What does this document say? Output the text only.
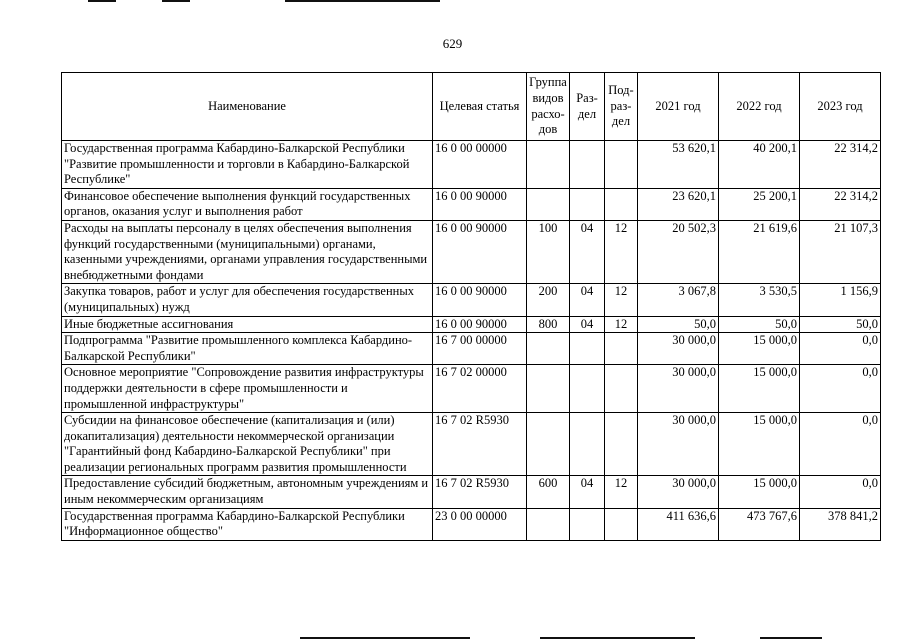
629
Наименование	Целевая статья	Группа видов расхо-дов	Раз-дел	Под-раз-дел	2021 год	2022 год	2023 год
Государственная программа Кабардино-Балкарской Республики "Развитие промышленности и торговли в Кабардино-Балкарской Республике"	16 0 00 00000				53 620,1	40 200,1	22 314,2
Финансовое обеспечение выполнения функций государственных органов, оказания услуг и выполнения работ	16 0 00 90000				23 620,1	25 200,1	22 314,2
Расходы на выплаты персоналу в целях обеспечения выполнения функций государственными (муниципальными) органами, казенными учреждениями, органами управления государственными внебюджетными фондами	16 0 00 90000	100	04	12	20 502,3	21 619,6	21 107,3
Закупка товаров, работ и услуг для обеспечения государственных (муниципальных) нужд	16 0 00 90000	200	04	12	3 067,8	3 530,5	1 156,9
Иные бюджетные ассигнования	16 0 00 90000	800	04	12	50,0	50,0	50,0
Подпрограмма "Развитие промышленного комплекса Кабардино-Балкарской Республики"	16 7 00 00000				30 000,0	15 000,0	0,0
Основное мероприятие "Сопровождение развития инфраструктуры поддержки деятельности в сфере промышленности и промышленной инфраструктуры"	16 7 02 00000				30 000,0	15 000,0	0,0
Субсидии на финансовое обеспечение (капитализация и (или) докапитализация) деятельности некоммерческой организации "Гарантийный фонд Кабардино-Балкарской Республики" при реализации региональных программ развития промышленности	16 7 02 R5930				30 000,0	15 000,0	0,0
Предоставление субсидий бюджетным, автономным учреждениям и иным некоммерческим организациям	16 7 02 R5930	600	04	12	30 000,0	15 000,0	0,0
Государственная программа Кабардино-Балкарской Республики "Информационное общество"	23 0 00 00000				411 636,6	473 767,6	378 841,2
